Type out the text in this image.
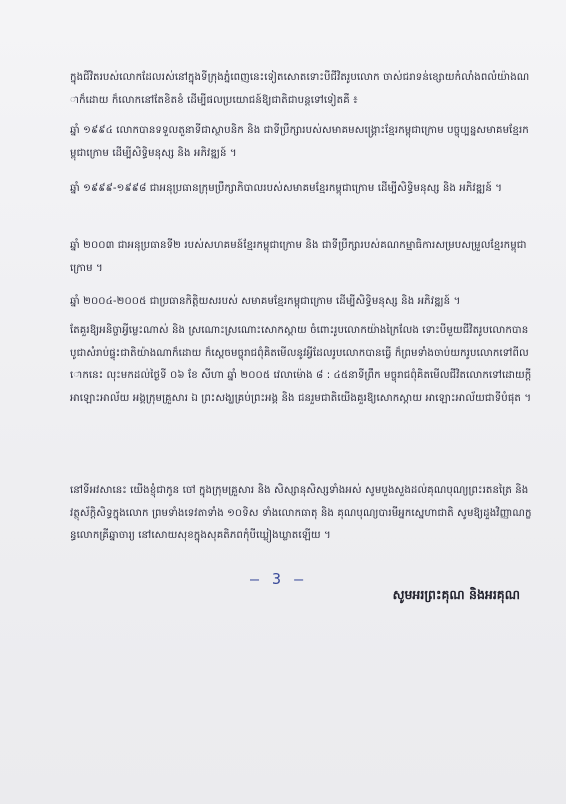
ក្នុងជីវិតរបស់លោកដែលរស់នៅក្នុងទីក្រុងភ្នំពេញនេះទៀតសោតទោះបីជីវិតរូបលោក ចាស់ជរាទន់ខ្សោយកំលាំងពលំយ៉ាងណាក៏ដោយ ក៏លោកនៅតែខិតខំ ដើម្បីផលប្រយោជន៍ឱ្យជាតិជាបន្តទៅទៀតគឺ ៖
ឆ្នាំ ១៩៩៤ លោកបានទទួលតួនាទីជាស្ថាបនិក និង ជាទីប្រឹក្សារបស់សមាគមសង្គ្រោះខ្មែរកម្ពុជាក្រោម បច្ចុប្បន្នសមាគមខ្មែរកម្ពុជាក្រោម ដើម្បីសិទ្ធិមនុស្ស និង អភិវឌ្ឍន៍ ។
ឆ្នាំ ១៩៩៩-១៩៩៨ ជាអនុប្រធានក្រុមប្រឹក្សាភិបាលរបស់សមាគមខ្មែរកម្ពុជាក្រោម ដើម្បីសិទ្ធិមនុស្ស និង អភិវឌ្ឍន៍ ។
ឆ្នាំ ២០០៣ ជាអនុប្រធានទី២ របស់សហគមន៍ខ្មែរកម្ពុជាក្រោម និង ជាទីប្រឹក្សារបស់គណកម្មាធិការសម្របសម្រួលខ្មែរកម្ពុជាក្រោម ។
ឆ្នាំ ២០០៤-២០០៥ ជាប្រធានកិត្តិយសរបស់ សមាគមខ្មែរកម្ពុជាក្រោម ដើម្បីសិទ្ធិមនុស្ស និង អភិវឌ្ឍន៍ ។
តែគួរឱ្យអនិច្ចាអ្វីម្លេះណាស់ និង ស្រណោះស្រណោះសោកស្តាយ ចំពោះរូបលោកយ៉ាងក្រៃលែង ទោះបីមួយជីវិតរូបលោកបានបូជាសំរាប់ផ្ទុះជាតិយ៉ាងណាក៏ដោយ ក៏ស្តេចមច្ចុរាជពុំគិតមើលនូវអ្វីដែលរូបលោកបានធ្វើ ក៏ព្រមទាំងចាប់យករូបលោកទៅពីលោកនេះ លុះមកដល់ថ្ងៃទី ០៦ ខែ សីហា ឆ្នាំ ២០០៥ វេលាម៉ោង ៨ : ៤៥នាទីព្រឹក មច្ចុរាជពុំគិតមើលជីវិតលោកទៅដោយក្តីអាឡោះអាល័យ អង្គក្រុមគ្រួសារ ឯ ព្រះសង្ឃគ្រប់ព្រះអង្គ និង ជនរួមជាតិយើងគួរឱ្យសោកស្តាយ អាឡោះអាល័យជាទីបំផុត ។
នៅទីអវសានេះ យើងខ្ញុំជាកូន ចៅ ក្នុងក្រុមគ្រួសារ និង សិស្សានុសិស្សទាំងអស់ សូមបួងសួងដល់គុណបុណ្យព្រះរតនត្រៃ និង វត្ថុស័ក្តិសិទ្ធក្នុងលោក ព្រមទាំងទេវតាទាំង ១០ទិស ទាំងលោកធាតុ និង គុណបុណ្យបារមីអ្នកស្នេហាជាតិ សូមឱ្យដួងវិញ្ញាណក្ខន្ធលោកគ្រីឆ្នាចារ្យ នៅសោយសុខក្នុងសុគតិភពកុំបីឃ្លៀងឃ្លាតឡើយ ។
សូមអរព្រះគុណ និងអរគុណ
— 3 —
